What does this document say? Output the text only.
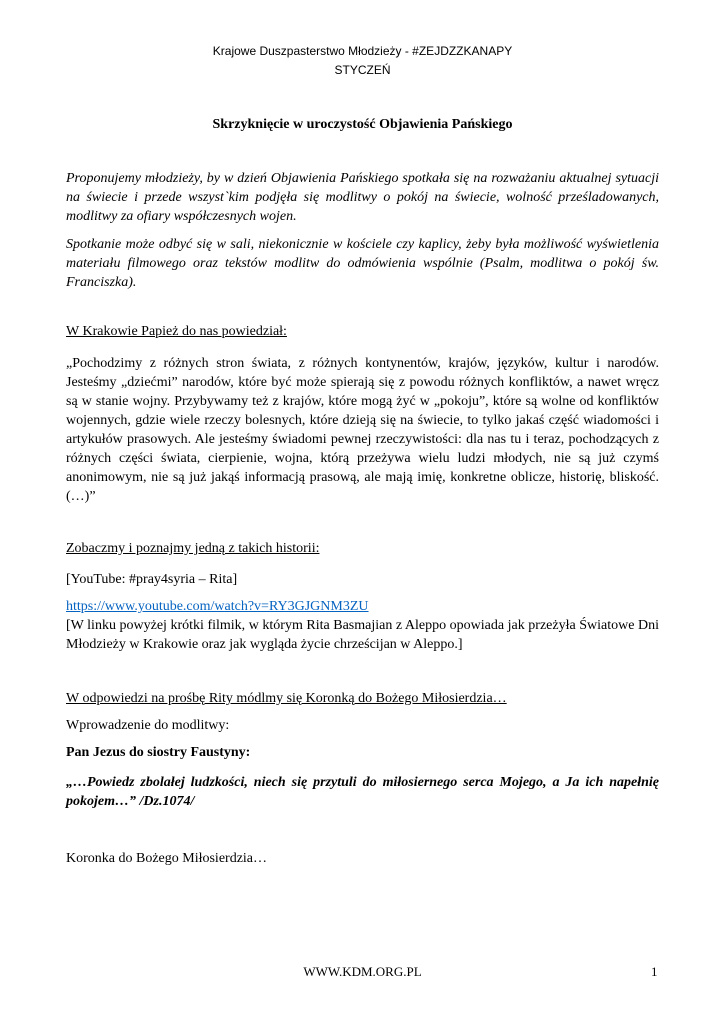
Krajowe Duszpasterstwo Młodzieży - #ZEJDZZKANAPY
STYCZEŃ
Skrzyknięcie w uroczystość Objawienia Pańskiego
Proponujemy młodzieży, by w dzień Objawienia Pańskiego spotkała się na rozważaniu aktualnej sytuacji na świecie i przede wszyst`kim podjęła się modlitwy o pokój na świecie, wolność prześladowanych, modlitwy za ofiary współczesnych wojen.
Spotkanie może odbyć się w sali, niekonicznie w kościele czy kaplicy, żeby była możliwość wyświetlenia materiału filmowego oraz tekstów modlitw do odmówienia wspólnie (Psalm, modlitwa o pokój św. Franciszka).
W Krakowie Papież do nas powiedział:
„Pochodzimy z różnych stron świata, z różnych kontynentów, krajów, języków, kultur i narodów. Jesteśmy „dziećmi” narodów, które być może spierają się z powodu różnych konfliktów, a nawet wręcz są w stanie wojny. Przybywamy też z krajów, które mogą żyć w „pokoju”, które są wolne od konfliktów wojennych, gdzie wiele rzeczy bolesnych, które dzieją się na świecie, to tylko jakaś część wiadomości i artykułów prasowych. Ale jesteśmy świadomi pewnej rzeczywistości: dla nas tu i teraz, pochodzących z różnych części świata, cierpienie, wojna, którą przeżywa wielu ludzi młodych, nie są już czymś anonimowym, nie są już jakąś informacją prasową, ale mają imię, konkretne oblicze, historię, bliskość. (…)”
Zobaczmy i poznajmy jedną z takich historii:
[YouTube: #pray4syria – Rita]
https://www.youtube.com/watch?v=RY3GJGNM3ZU
[W linku powyżej krótki filmik, w którym Rita Basmajian z Aleppo opowiada jak przeżyła Światowe Dni Młodzieży w Krakowie oraz jak wygląda życie chrześcijan w Aleppo.]
W odpowiedzi na prośbę Rity módlmy się Koronką do Bożego Miłosierdzia…
Wprowadzenie do modlitwy:
Pan Jezus do siostry Faustyny:
„…Powiedz zbolałej ludzkości, niech się przytuli do miłosiernego serca Mojego, a Ja ich napełnię pokojem…” /Dz.1074/
Koronka do Bożego Miłosierdzia…
WWW.KDM.ORG.PL	1
